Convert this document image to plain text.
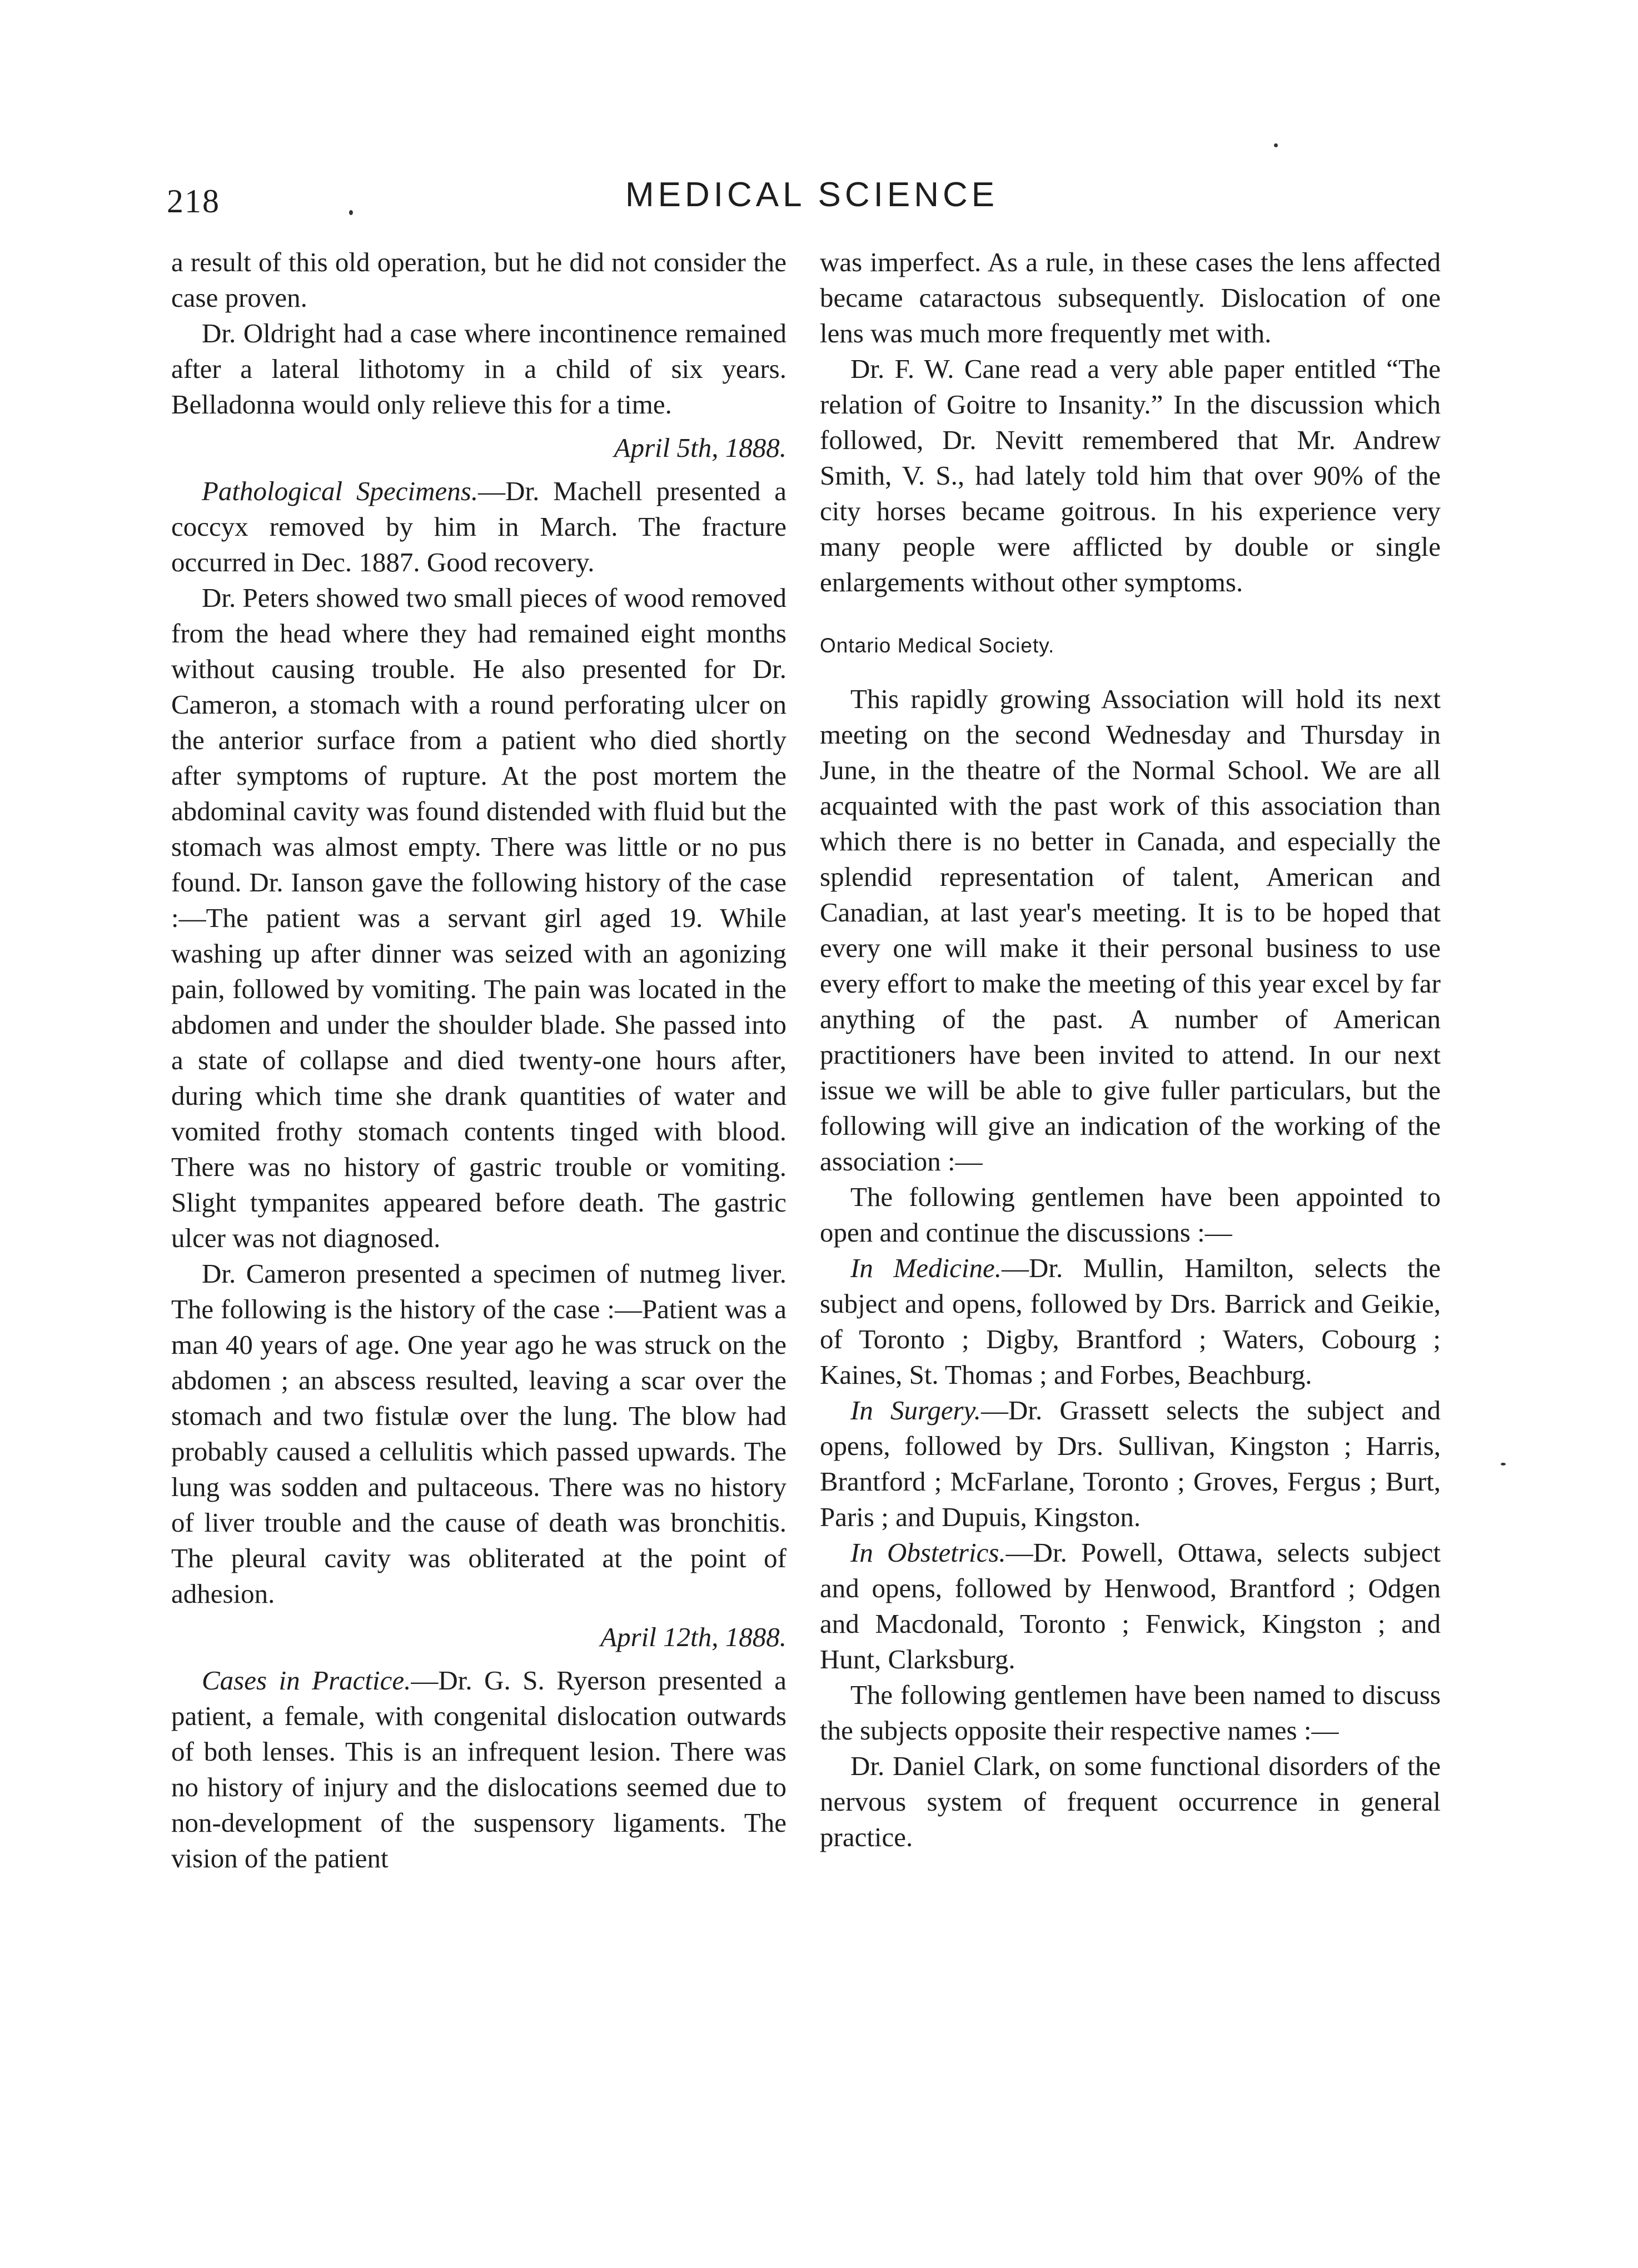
218	MEDICAL SCIENCE

a result of this old operation, but he did not consider the case proven.

Dr. Oldright had a case where incontinence remained after a lateral lithotomy in a child of six years. Belladonna would only relieve this for a time.

April 5th, 1888.

Pathological Specimens.—Dr. Machell presented a coccyx removed by him in March. The fracture occurred in Dec. 1887. Good recovery.

Dr. Peters showed two small pieces of wood removed from the head where they had remained eight months without causing trouble. He also presented for Dr. Cameron, a stomach with a round perforating ulcer on the anterior surface from a patient who died shortly after symptoms of rupture. At the post mortem the abdominal cavity was found distended with fluid but the stomach was almost empty. There was little or no pus found. Dr. Ianson gave the following history of the case :—The patient was a servant girl aged 19. While washing up after dinner was seized with an agonizing pain, followed by vomiting. The pain was located in the abdomen and under the shoulder blade. She passed into a state of collapse and died twenty-one hours after, during which time she drank quantities of water and vomited frothy stomach contents tinged with blood. There was no history of gastric trouble or vomiting. Slight tympanites appeared before death. The gastric ulcer was not diagnosed.

Dr. Cameron presented a specimen of nutmeg liver. The following is the history of the case :—Patient was a man 40 years of age. One year ago he was struck on the abdomen ; an abscess resulted, leaving a scar over the stomach and two fistulæ over the lung. The blow had probably caused a cellulitis which passed upwards. The lung was sodden and pultaceous. There was no history of liver trouble and the cause of death was bronchitis. The pleural cavity was obliterated at the point of adhesion.

April 12th, 1888.

Cases in Practice.—Dr. G. S. Ryerson presented a patient, a female, with congenital dislocation outwards of both lenses. This is an infrequent lesion. There was no history of injury and the dislocations seemed due to non-development of the suspensory ligaments. The vision of the patient

was imperfect. As a rule, in these cases the lens affected became cataractous subsequently. Dislocation of one lens was much more frequently met with.

Dr. F. W. Cane read a very able paper entitled “The relation of Goitre to Insanity.” In the discussion which followed, Dr. Nevitt remembered that Mr. Andrew Smith, V. S., had lately told him that over 90% of the city horses became goitrous. In his experience very many people were afflicted by double or single enlargements without other symptoms.

Ontario Medical Society.

This rapidly growing Association will hold its next meeting on the second Wednesday and Thursday in June, in the theatre of the Normal School. We are all acquainted with the past work of this association than which there is no better in Canada, and especially the splendid representation of talent, American and Canadian, at last year's meeting. It is to be hoped that every one will make it their personal business to use every effort to make the meeting of this year excel by far anything of the past. A number of American practitioners have been invited to attend. In our next issue we will be able to give fuller particulars, but the following will give an indication of the working of the association :—

The following gentlemen have been appointed to open and continue the discussions :—

In Medicine.—Dr. Mullin, Hamilton, selects the subject and opens, followed by Drs. Barrick and Geikie, of Toronto ; Digby, Brantford ; Waters, Cobourg ; Kaines, St. Thomas ; and Forbes, Beachburg.

In Surgery.—Dr. Grassett selects the subject and opens, followed by Drs. Sullivan, Kingston ; Harris, Brantford ; McFarlane, Toronto ; Groves, Fergus ; Burt, Paris ; and Dupuis, Kingston.

In Obstetrics.—Dr. Powell, Ottawa, selects subject and opens, followed by Henwood, Brantford ; Odgen and Macdonald, Toronto ; Fenwick, Kingston ; and Hunt, Clarksburg.

The following gentlemen have been named to discuss the subjects opposite their respective names :—

Dr. Daniel Clark, on some functional disorders of the nervous system of frequent occurrence in general practice.
